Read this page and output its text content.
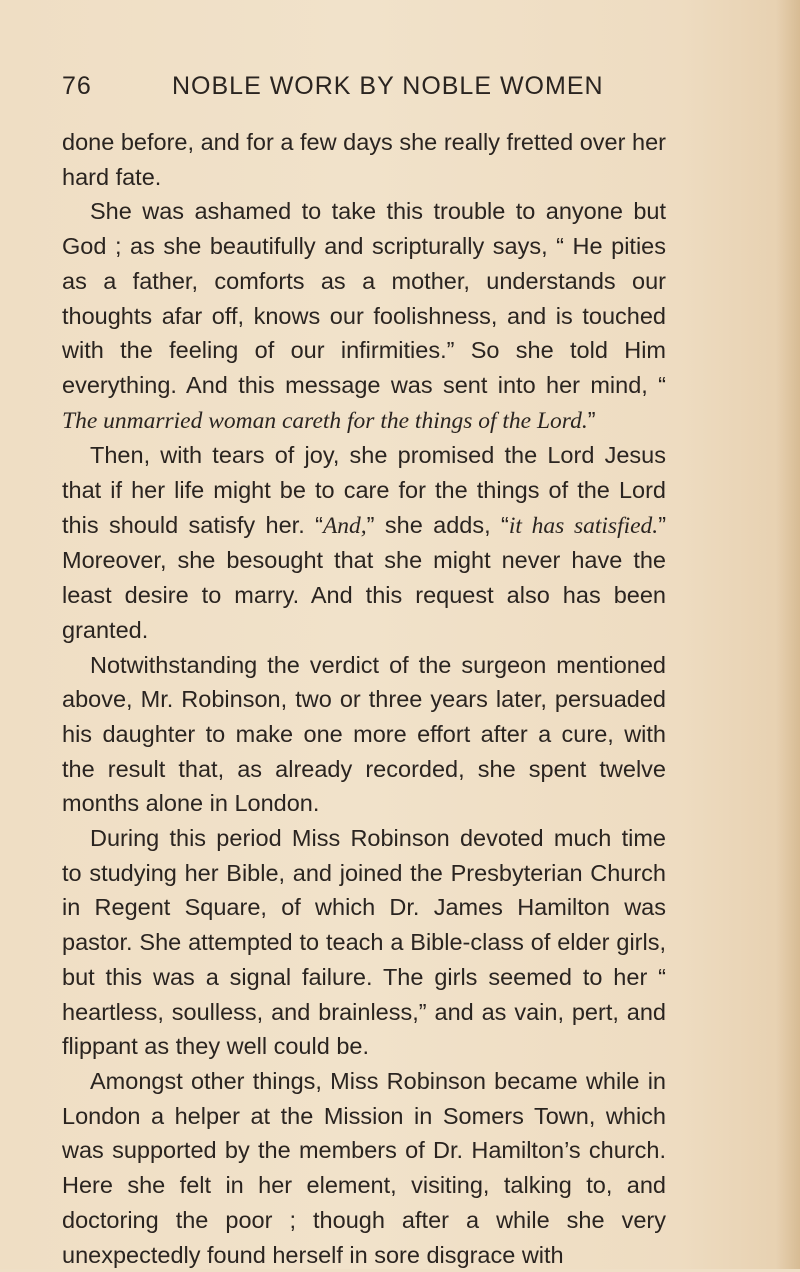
76	NOBLE WORK BY NOBLE WOMEN

done before, and for a few days she really fretted over her hard fate.

She was ashamed to take this trouble to anyone but God ; as she beautifully and scripturally says, “ He pities as a father, comforts as a mother, understands our thoughts afar off, knows our foolishness, and is touched with the feeling of our infirmities.” So she told Him everything. And this message was sent into her mind, “ The unmarried woman careth for the things of the Lord.”

Then, with tears of joy, she promised the Lord Jesus that if her life might be to care for the things of the Lord this should satisfy her. “And,” she adds, “it has satisfied.” Moreover, she besought that she might never have the least desire to marry. And this request also has been granted.

Notwithstanding the verdict of the surgeon mentioned above, Mr. Robinson, two or three years later, persuaded his daughter to make one more effort after a cure, with the result that, as already recorded, she spent twelve months alone in London.

During this period Miss Robinson devoted much time to studying her Bible, and joined the Presbyterian Church in Regent Square, of which Dr. James Hamilton was pastor. She attempted to teach a Bible-class of elder girls, but this was a signal failure. The girls seemed to her “ heartless, soulless, and brainless,” and as vain, pert, and flippant as they well could be.

Amongst other things, Miss Robinson became while in London a helper at the Mission in Somers Town, which was supported by the members of Dr. Hamilton’s church. Here she felt in her element, visiting, talking to, and doctoring the poor ; though after a while she very unexpectedly found herself in sore disgrace with
